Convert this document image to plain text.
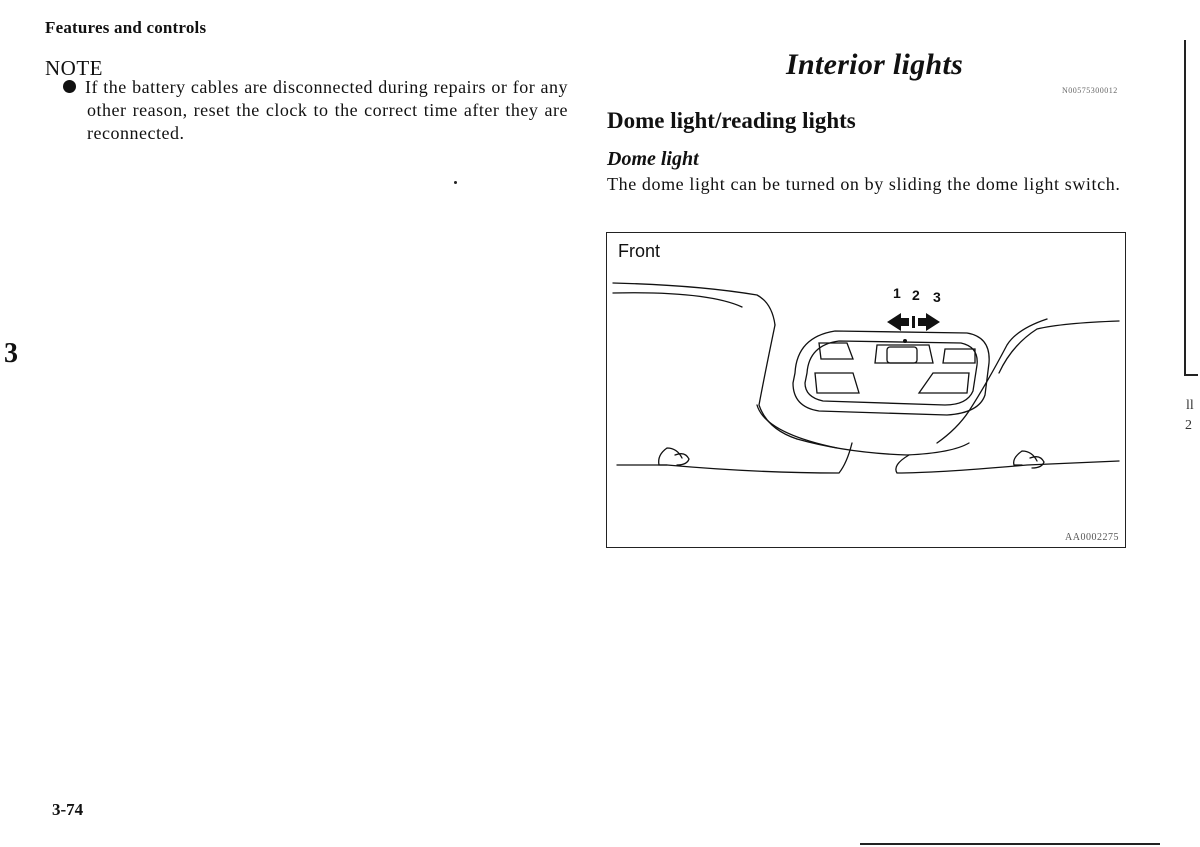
Features and controls
NOTE
If the battery cables are disconnected during repairs or for any other reason, reset the clock to the correct time after they are reconnected.
3
3-74
Interior lights
N00575300012
Dome light/reading lights
Dome light
The dome light can be turned on by sliding the dome light switch.
Front
1 2 3
AA0002275
ll
2
